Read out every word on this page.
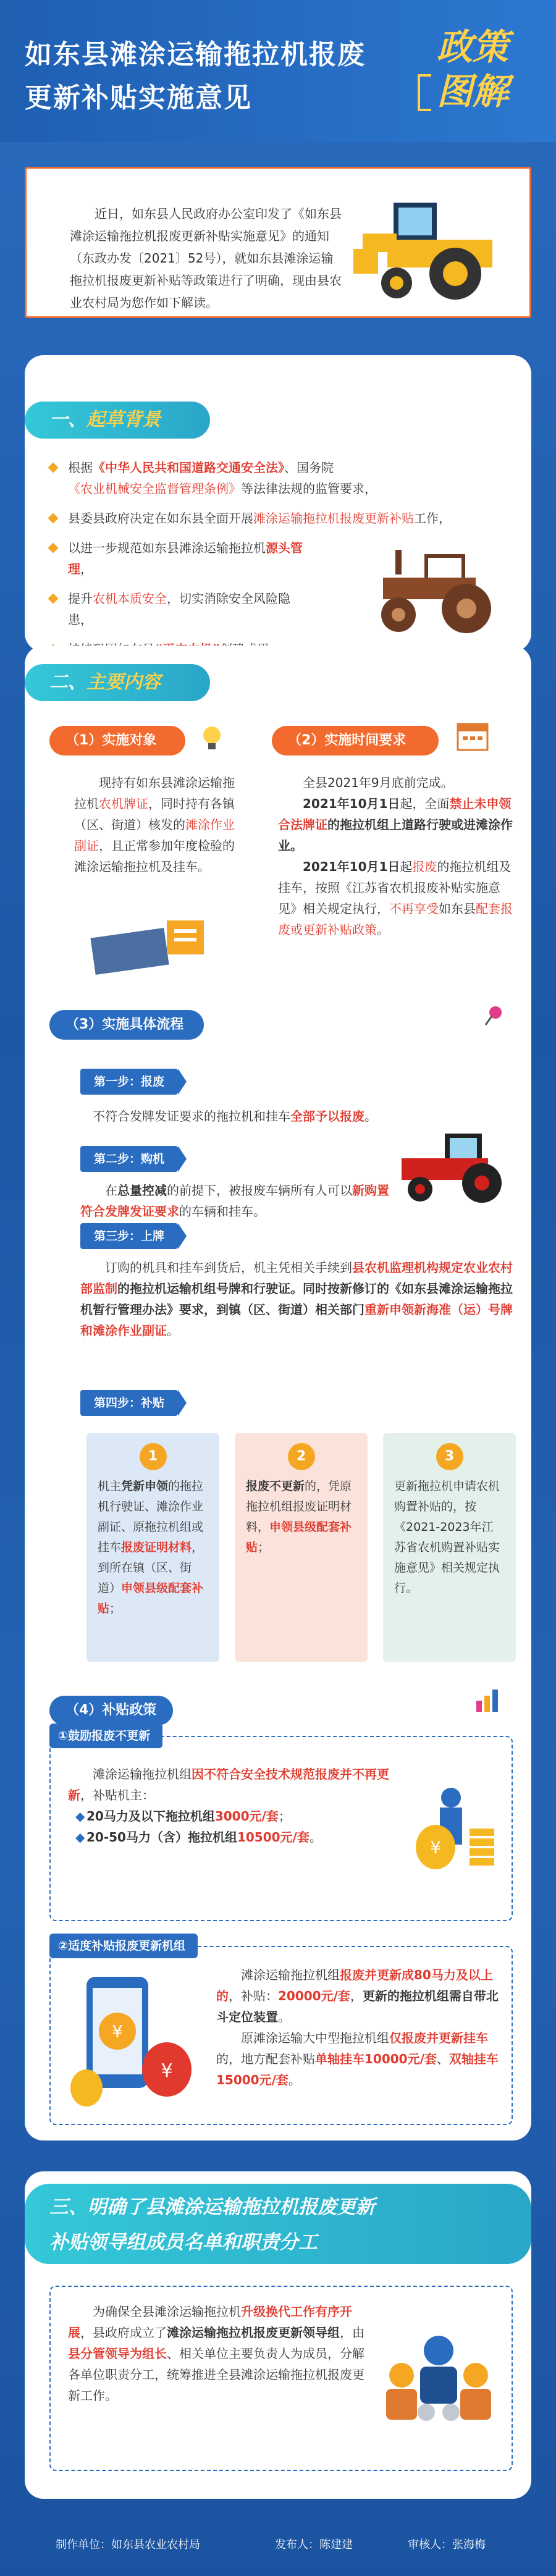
如东县滩涂运输拖拉机报废
更新补贴实施意见
政策
图解
近日，如东县人民政府办公室印发了《如东县滩涂运输拖拉机报废更新补贴实施意见》的通知（东政办发〔2021〕52号），就如东县滩涂运输拖拉机报废更新补贴等政策进行了明确，现由县农业农村局为您作如下解读。
一、起草背景
根据《中华人民共和国道路交通安全法》、国务院《农业机械安全监督管理条例》等法律法规的监管要求，
县委县政府决定在如东县全面开展滩涂运输拖拉机报废更新补贴工作，
以进一步规范如东县滩涂运输拖拉机源头管理，
提升农机本质安全，切实消除安全风险隐患，
二、主要内容
（1）实施对象
现持有如东县滩涂运输拖拉机农机牌证，同时持有各镇（区、街道）核发的滩涂作业副证，且正常参加年度检验的滩涂运输拖拉机及挂车。
（2）实施时间要求
全县2021年9月底前完成。
2021年10月1日起，全面禁止未申领合法牌证的拖拉机组上道路行驶或进滩涂作业。
2021年10月1日起报废的拖拉机组及挂车，按照《江苏省农机报废补贴实施意见》相关规定执行，不再享受如东县配套报废或更新补贴政策。
（3）实施具体流程
第一步：报废
不符合发牌发证要求的拖拉机和挂车全部予以报废。
第二步：购机
在总量控减的前提下，被报废车辆所有人可以新购置符合发牌发证要求的车辆和挂车。
第三步：上牌
订购的机具和挂车到货后，机主凭相关手续到县农机监理机构规定农业农村部监制的拖拉机运输机组号牌和行驶证。同时按新修订的《如东县滩涂运输拖拉机暂行管理办法》要求，到镇（区、街道）相关部门重新申领新海准（运）号牌和滩涂作业副证。
第四步：补贴
1
机主凭新申领的拖拉机行驶证、滩涂作业副证、原拖拉机组或挂车报废证明材料，到所在镇（区、街道）申领县级配套补贴；
2
报废不更新的，凭原拖拉机组报废证明材料，申领县级配套补贴；
3
更新拖拉机申请农机购置补贴的，按《2021-2023年江苏省农机购置补贴实施意见》相关规定执行。
（4）补贴政策
①鼓励报废不更新
滩涂运输拖拉机组因不符合安全技术规范报废并不再更新，补贴机主：
◆ 20马力及以下拖拉机组3000元/套；
◆ 20-50马力（含）拖拉机组10500元/套。	¥
②适度补贴报废更新机组
¥
¥
滩涂运输拖拉机组报废并更新成80马力及以上的，补贴：20000元/套，更新的拖拉机组需自带北斗定位装置。
原滩涂运输大中型拖拉机组仅报废并更新挂车的，地方配套补贴单轴挂车10000元/套、双轴挂车15000元/套。
三、明确了县滩涂运输拖拉机报废更新
补贴领导组成员名单和职责分工
为确保全县滩涂运输拖拉机升级换代工作有序开展，县政府成立了滩涂运输拖拉机报废更新领导组，由县分管领导为组长、相关单位主要负责人为成员，分解各单位职责分工，统筹推进全县滩涂运输拖拉机报废更新工作。
制作单位：如东县农业农村局	发布人：陈建建	审核人：张海梅
